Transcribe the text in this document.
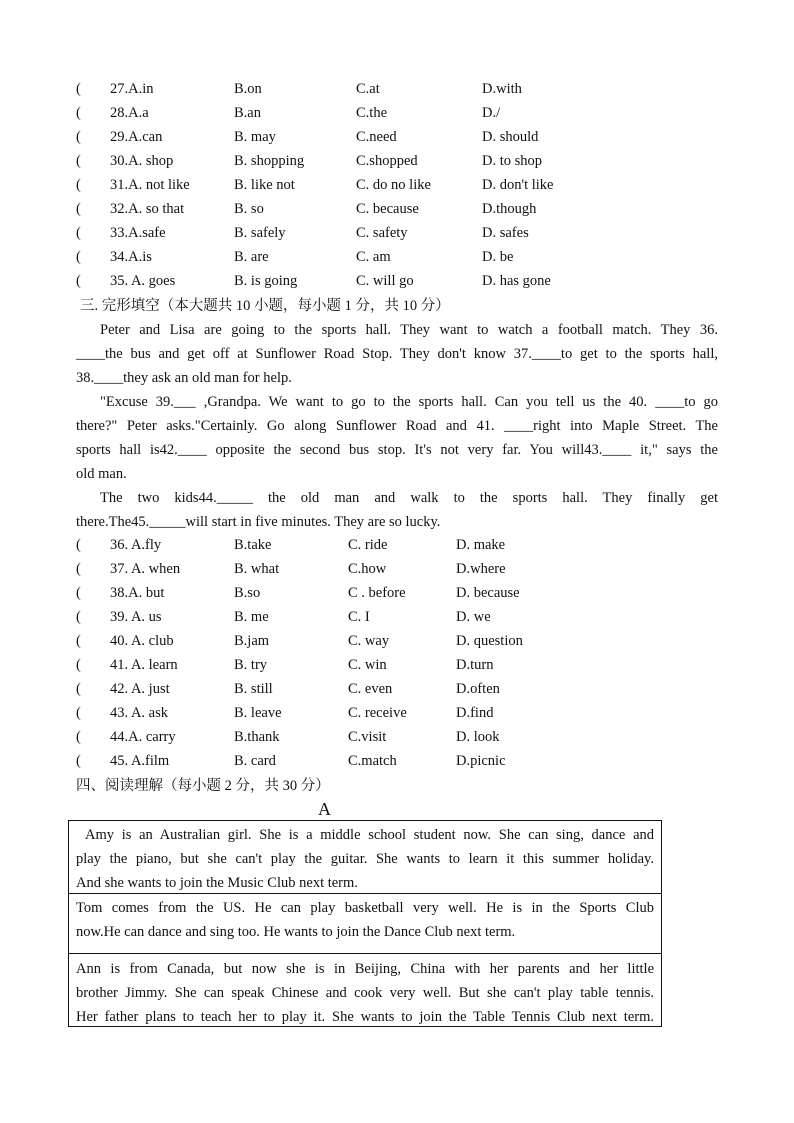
( 27.A.in	B.on	C.at	D.with
( 28.A.a	B.an	C.the	D./
( 29.A.can	B. may	C.need	D. should
( 30.A. shop	B. shopping	C.shopped	D. to shop
( 31.A. not like	B. like not	C. do no like	D. don't like
( 32.A. so that	B. so	C. because	D.though
( 33.A.safe	B. safely	C. safety	D. safes
( 34.A.is	B. are	C. am	D. be
( 35. A. goes	B. is going	C. will go	D. has gone
三. 完形填空（本大题共 10 小题，每小题 1 分，共 10 分）
Peter and Lisa are going to the sports hall. They want to watch a football match. They 36.
____the bus and get off at Sunflower Road Stop. They don't know 37.____to get to the sports hall,
38.____they ask an old man for help.
"Excuse 39.___ ,Grandpa. We want to go to the sports hall. Can you tell us the 40. ____to go
there?" Peter asks."Certainly. Go along Sunflower Road and 41. ____right into Maple Street. The
sports hall is42.____ opposite the second bus stop. It's not very far. You will43.____ it," says the
old man.
The two kids44._____ the old man and walk to the sports hall. They finally get
there.The45._____will start in five minutes. They are so lucky.
( 36. A.fly	B.take	C. ride	D. make
( 37. A. when	B. what	C.how	D.where
( 38.A. but	B.so	C . before	D. because
( 39. A. us	B. me	C. I	D. we
( 40. A. club	B.jam	C. way	D. question
( 41. A. learn	B. try	C. win	D.turn
( 42. A. just	B. still	C. even	D.often
( 43. A. ask	B. leave	C. receive	D.find
( 44.A. carry	B.thank	C.visit	D. look
( 45. A.film	B. card	C.match	D.picnic
四、阅读理解（每小题 2 分，共 30 分）
A
Amy is an Australian girl. She is a middle school student now. She can sing, dance and
play the piano, but she can't play the guitar. She wants to learn it this summer holiday.
And she wants to join the Music Club next term.
Tom comes from the US. He can play basketball very well. He is in the Sports Club
now.He can dance and sing too. He wants to join the Dance Club next term.
Ann is from Canada, but now she is in Beijing, China with her parents and her little
brother Jimmy. She can speak Chinese and cook very well. But she can't play table tennis.
Her father plans to teach her to play it. She wants to join the Table Tennis Club next term.
